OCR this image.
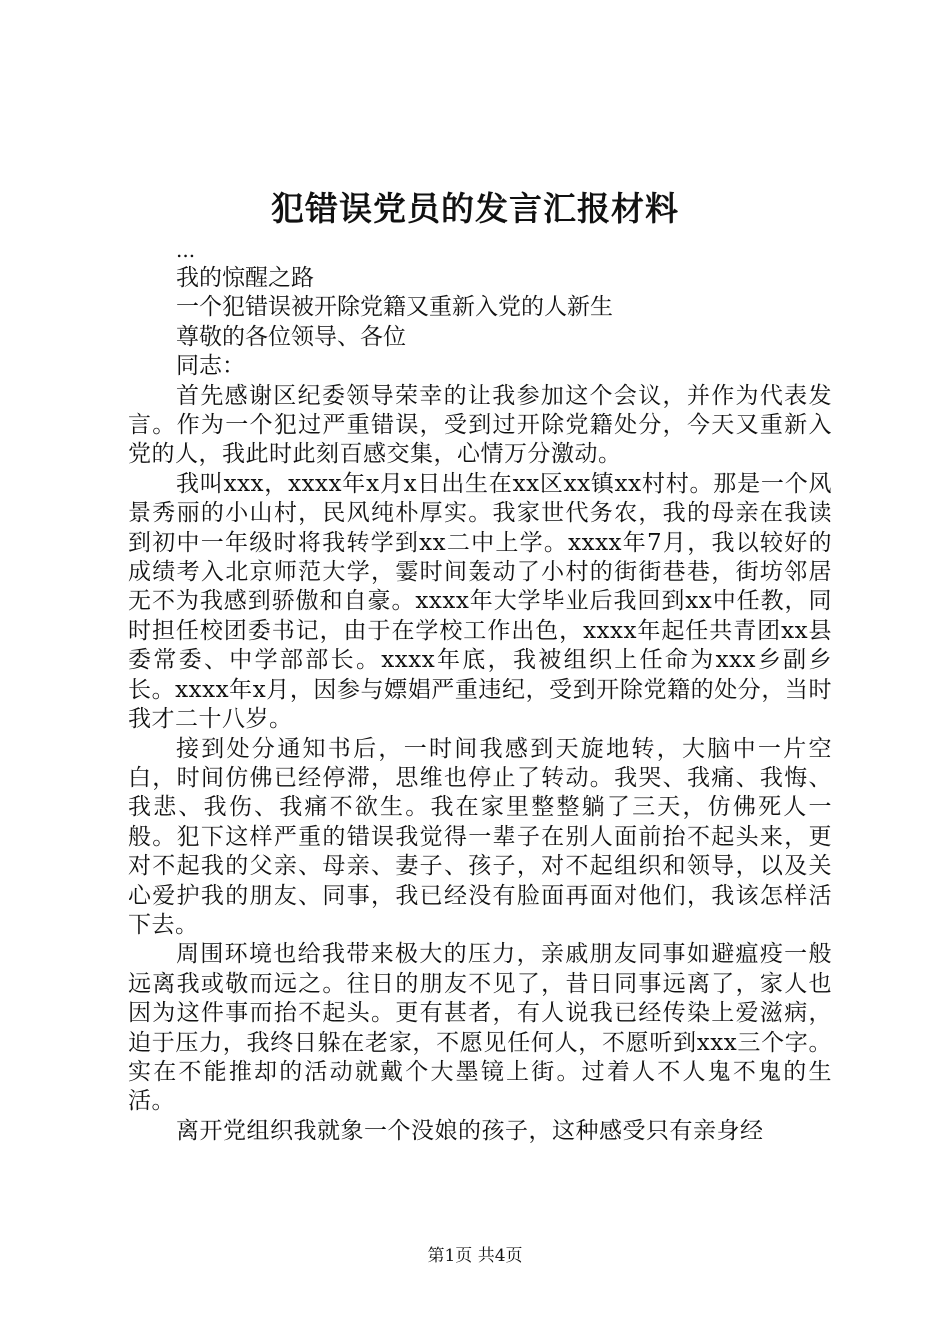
犯错误党员的发言汇报材料
...
我的惊醒之路
一个犯错误被开除党籍又重新入党的人新生
尊敬的各位领导、各位
同志：

首先感谢区纪委领导荣幸的让我参加这个会议，并作为代表发言。作为一个犯过严重错误，受到过开除党籍处分，今天又重新入党的人，我此时此刻百感交集，心情万分激动。

我叫xxx，xxxx年x月x日出生在xx区xx镇xx村村。那是一个风景秀丽的小山村，民风纯朴厚实。我家世代务农，我的母亲在我读到初中一年级时将我转学到xx二中上学。xxxx年7月，我以较好的成绩考入北京师范大学，霎时间轰动了小村的街街巷巷，街坊邻居无不为我感到骄傲和自豪。xxxx年大学毕业后我回到xx中任教，同时担任校团委书记，由于在学校工作出色，xxxx年起任共青团xx县委常委、中学部部长。xxxx年底，我被组织上任命为xxx乡副乡长。xxxx年x月，因参与嫖娼严重违纪，受到开除党籍的处分，当时我才二十八岁。

接到处分通知书后，一时间我感到天旋地转，大脑中一片空白，时间仿佛已经停滞，思维也停止了转动。我哭、我痛、我悔、我悲、我伤、我痛不欲生。我在家里整整躺了三天，仿佛死人一般。犯下这样严重的错误我觉得一辈子在别人面前抬不起头来，更对不起我的父亲、母亲、妻子、孩子，对不起组织和领导，以及关心爱护我的朋友、同事，我已经没有脸面再面对他们，我该怎样活下去。

周围环境也给我带来极大的压力，亲戚朋友同事如避瘟疫一般远离我或敬而远之。往日的朋友不见了，昔日同事远离了，家人也因为这件事而抬不起头。更有甚者，有人说我已经传染上爱滋病，迫于压力，我终日躲在老家，不愿见任何人，不愿听到xxx三个字。实在不能推却的活动就戴个大墨镜上街。过着人不人鬼不鬼的生活。

离开党组织我就象一个没娘的孩子，这种感受只有亲身经

第1页 共4页
